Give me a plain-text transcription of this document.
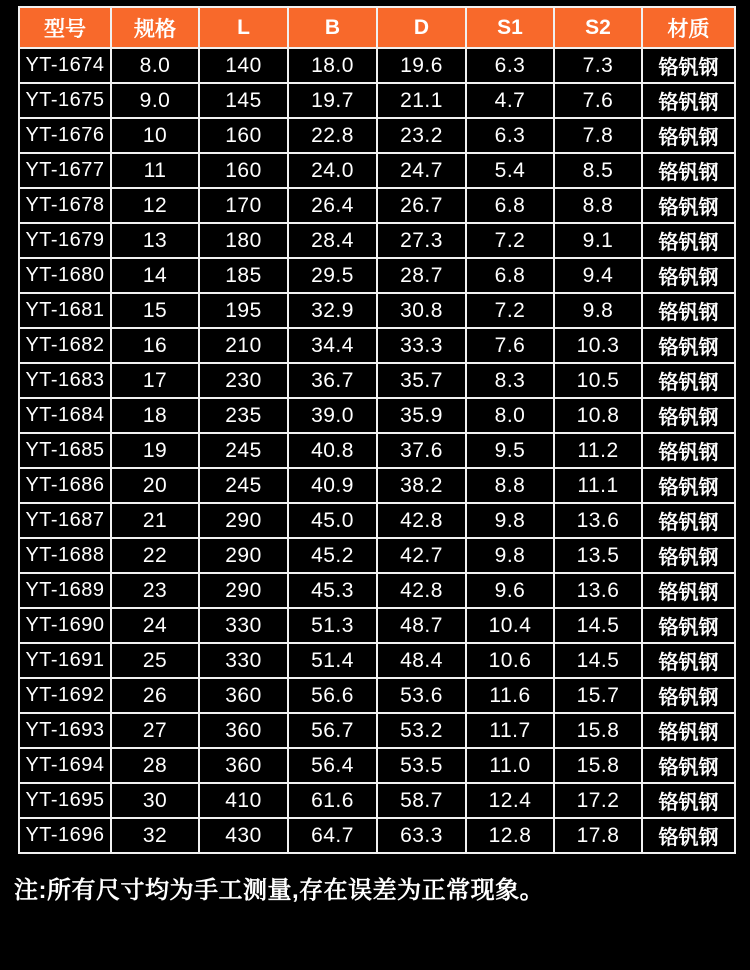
型号	规格	L	B	D	S1	S2	材质
YT-1674	8.0	140	18.0	19.6	6.3	7.3	铬钒钢
YT-1675	9.0	145	19.7	21.1	4.7	7.6	铬钒钢
YT-1676	10	160	22.8	23.2	6.3	7.8	铬钒钢
YT-1677	11	160	24.0	24.7	5.4	8.5	铬钒钢
YT-1678	12	170	26.4	26.7	6.8	8.8	铬钒钢
YT-1679	13	180	28.4	27.3	7.2	9.1	铬钒钢
YT-1680	14	185	29.5	28.7	6.8	9.4	铬钒钢
YT-1681	15	195	32.9	30.8	7.2	9.8	铬钒钢
YT-1682	16	210	34.4	33.3	7.6	10.3	铬钒钢
YT-1683	17	230	36.7	35.7	8.3	10.5	铬钒钢
YT-1684	18	235	39.0	35.9	8.0	10.8	铬钒钢
YT-1685	19	245	40.8	37.6	9.5	11.2	铬钒钢
YT-1686	20	245	40.9	38.2	8.8	11.1	铬钒钢
YT-1687	21	290	45.0	42.8	9.8	13.6	铬钒钢
YT-1688	22	290	45.2	42.7	9.8	13.5	铬钒钢
YT-1689	23	290	45.3	42.8	9.6	13.6	铬钒钢
YT-1690	24	330	51.3	48.7	10.4	14.5	铬钒钢
YT-1691	25	330	51.4	48.4	10.6	14.5	铬钒钢
YT-1692	26	360	56.6	53.6	11.6	15.7	铬钒钢
YT-1693	27	360	56.7	53.2	11.7	15.8	铬钒钢
YT-1694	28	360	56.4	53.5	11.0	15.8	铬钒钢
YT-1695	30	410	61.6	58.7	12.4	17.2	铬钒钢
YT-1696	32	430	64.7	63.3	12.8	17.8	铬钒钢

注:所有尺寸均为手工测量,存在误差为正常现象。
